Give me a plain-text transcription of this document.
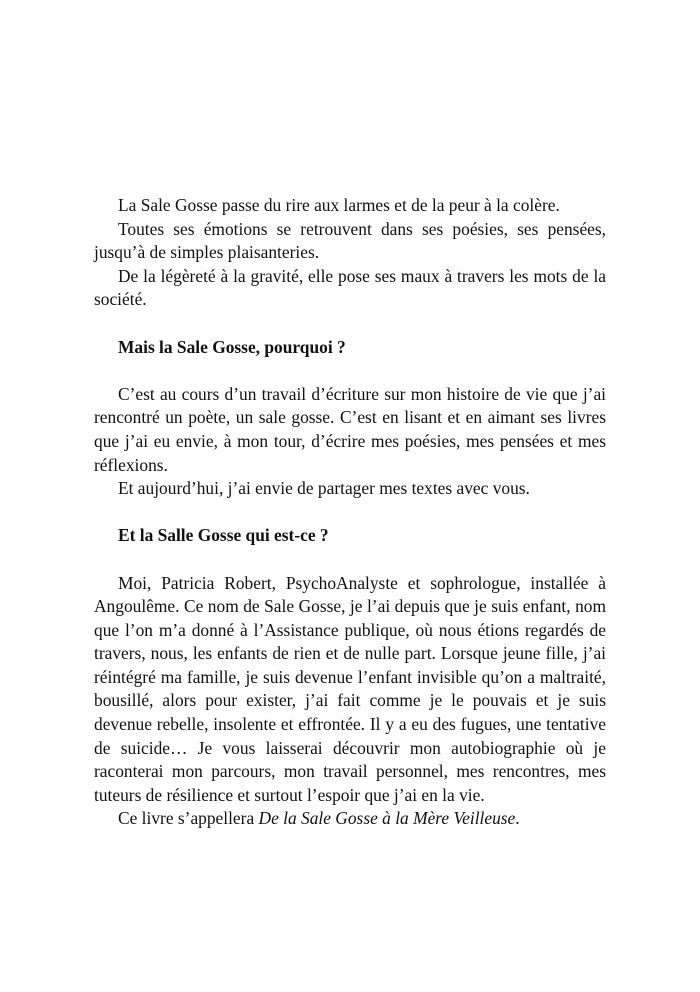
La Sale Gosse passe du rire aux larmes et de la peur à la colère.

Toutes ses émotions se retrouvent dans ses poésies, ses pensées, jusqu’à de simples plaisanteries.

De la légèreté à la gravité, elle pose ses maux à travers les mots de la société.

Mais la Sale Gosse, pourquoi ?

C’est au cours d’un travail d’écriture sur mon histoire de vie que j’ai rencontré un poète, un sale gosse. C’est en lisant et en aimant ses livres que j’ai eu envie, à mon tour, d’écrire mes poésies, mes pensées et mes réflexions.

Et aujourd’hui, j’ai envie de partager mes textes avec vous.

Et la Salle Gosse qui est-ce ?

Moi, Patricia Robert, PsychoAnalyste et sophrologue, installée à Angoulême. Ce nom de Sale Gosse, je l’ai depuis que je suis enfant, nom que l’on m’a donné à l’Assistance publique, où nous étions regardés de travers, nous, les enfants de rien et de nulle part. Lorsque jeune fille, j’ai réintégré ma famille, je suis devenue l’enfant invisible qu’on a maltraité, bousillé, alors pour exister, j’ai fait comme je le pouvais et je suis devenue rebelle, insolente et effrontée. Il y a eu des fugues, une tentative de suicide… Je vous laisserai découvrir mon autobiographie où je raconterai mon parcours, mon travail personnel, mes rencontres, mes tuteurs de résilience et surtout l’espoir que j’ai en la vie.

Ce livre s’appellera De la Sale Gosse à la Mère Veilleuse.
